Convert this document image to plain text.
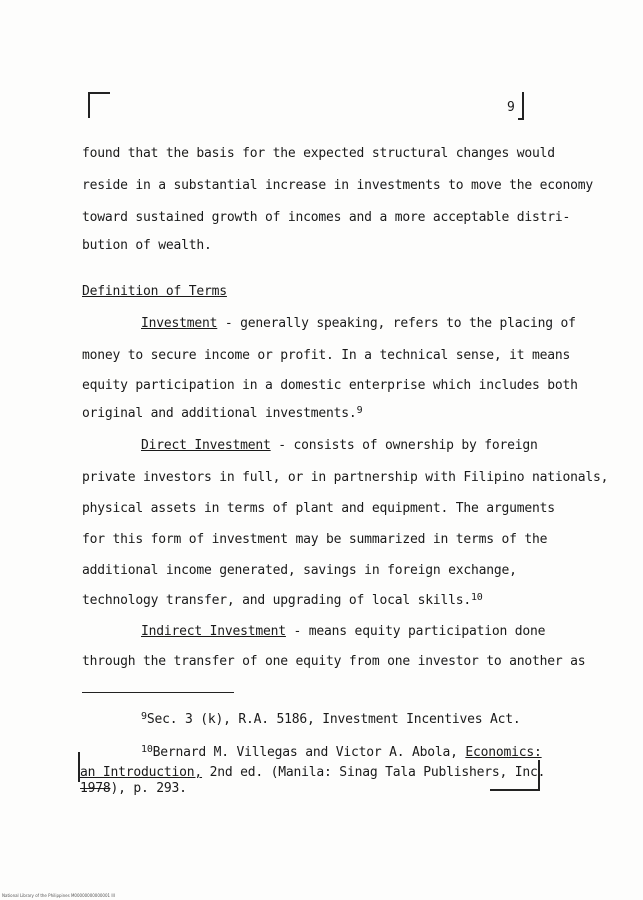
9
found that the basis for the expected structural changes would
reside in a substantial increase in investments to move the economy
toward sustained growth of incomes and a more acceptable distri-
bution of wealth.
Definition of Terms
Investment - generally speaking, refers to the placing of
money to secure income or profit. In a technical sense, it means
equity participation in a domestic enterprise which includes both
original and additional investments.$^9$
Direct Investment - consists of ownership by foreign
private investors in full, or in partnership with Filipino nationals,
physical assets in terms of plant and equipment. The arguments
for this form of investment may be summarized in terms of the
additional income generated, savings in foreign exchange,
technology transfer, and upgrading of local skills.$^{10}$
Indirect Investment - means equity participation done
through the transfer of one equity from one investor to another as
$^9$Sec. 3 (k), R.A. 5186, Investment Incentives Act.
$^{10}$Bernard M. Villegas and Victor A. Abola, Economics:
an Introduction, 2nd ed. (Manila: Sinag Tala Publishers, Inc.
1978), p. 293.
National Library of the Philippines M00000000000001 III
